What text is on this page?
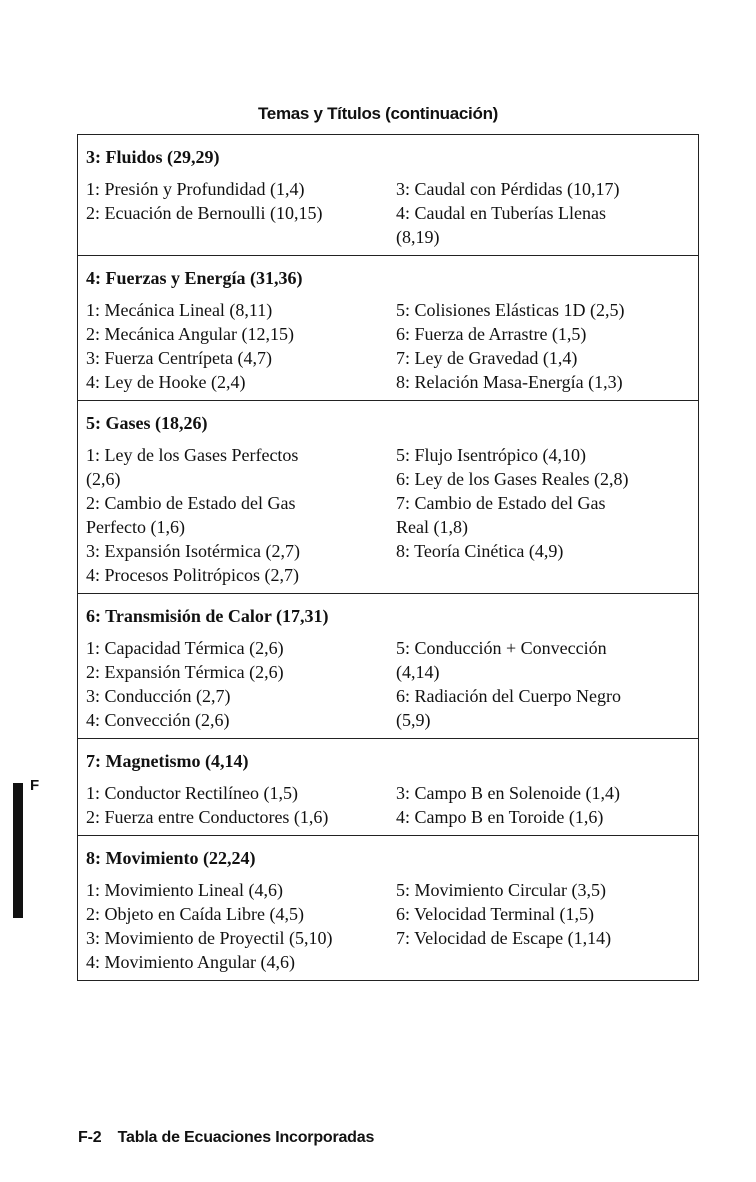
Temas y Títulos (continuación)
3: Fluidos (29,29)
1: Presión y Profundidad (1,4)
2: Ecuación de Bernoulli (10,15)
3: Caudal con Pérdidas (10,17)
4: Caudal en Tuberías Llenas
(8,19)
4: Fuerzas y Energía (31,36)
1: Mecánica Lineal (8,11)
2: Mecánica Angular (12,15)
3: Fuerza Centrípeta (4,7)
4: Ley de Hooke (2,4)
5: Colisiones Elásticas 1D (2,5)
6: Fuerza de Arrastre (1,5)
7: Ley de Gravedad (1,4)
8: Relación Masa-Energía (1,3)
5: Gases (18,26)
1: Ley de los Gases Perfectos
(2,6)
2: Cambio de Estado del Gas
Perfecto (1,6)
3: Expansión Isotérmica (2,7)
4: Procesos Politrópicos (2,7)
5: Flujo Isentrópico (4,10)
6: Ley de los Gases Reales (2,8)
7: Cambio de Estado del Gas
Real (1,8)
8: Teoría Cinética (4,9)
6: Transmisión de Calor (17,31)
1: Capacidad Térmica (2,6)
2: Expansión Térmica (2,6)
3: Conducción (2,7)
4: Convección (2,6)
5: Conducción + Convección
(4,14)
6: Radiación del Cuerpo Negro
(5,9)
7: Magnetismo (4,14)
1: Conductor Rectilíneo (1,5)
2: Fuerza entre Conductores (1,6)
3: Campo B en Solenoide (1,4)
4: Campo B en Toroide (1,6)
8: Movimiento (22,24)
1: Movimiento Lineal (4,6)
2: Objeto en Caída Libre (4,5)
3: Movimiento de Proyectil (5,10)
4: Movimiento Angular (4,6)
5: Movimiento Circular (3,5)
6: Velocidad Terminal (1,5)
7: Velocidad de Escape (1,14)
F
F-2 Tabla de Ecuaciones Incorporadas
